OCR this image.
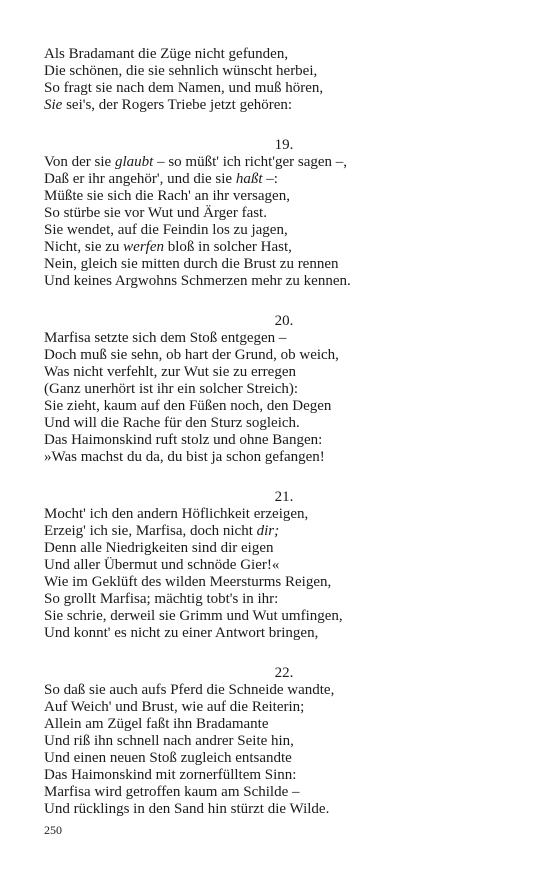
Als Bradamant die Züge nicht gefunden,
Die schönen, die sie sehnlich wünscht herbei,
So fragt sie nach dem Namen, und muß hören,
Sie sei's, der Rogers Triebe jetzt gehören:
19.
Von der sie glaubt – so müßt' ich richt'ger sagen –,
Daß er ihr angehör', und die sie haßt –:
Müßte sie sich die Rach' an ihr versagen,
So stürbe sie vor Wut und Ärger fast.
Sie wendet, auf die Feindin los zu jagen,
Nicht, sie zu werfen bloß in solcher Hast,
Nein, gleich sie mitten durch die Brust zu rennen
Und keines Argwohns Schmerzen mehr zu kennen.
20.
Marfisa setzte sich dem Stoß entgegen –
Doch muß sie sehn, ob hart der Grund, ob weich,
Was nicht verfehlt, zur Wut sie zu erregen
(Ganz unerhört ist ihr ein solcher Streich):
Sie zieht, kaum auf den Füßen noch, den Degen
Und will die Rache für den Sturz sogleich.
Das Haimonskind ruft stolz und ohne Bangen:
»Was machst du da, du bist ja schon gefangen!
21.
Mocht' ich den andern Höflichkeit erzeigen,
Erzeig' ich sie, Marfisa, doch nicht dir;
Denn alle Niedrigkeiten sind dir eigen
Und aller Übermut und schnöde Gier!«
Wie im Geklüft des wilden Meersturms Reigen,
So grollt Marfisa; mächtig tobt's in ihr:
Sie schrie, derweil sie Grimm und Wut umfingen,
Und konnt' es nicht zu einer Antwort bringen,
22.
So daß sie auch aufs Pferd die Schneide wandte,
Auf Weich' und Brust, wie auf die Reiterin;
Allein am Zügel faßt ihn Bradamante
Und riß ihn schnell nach andrer Seite hin,
Und einen neuen Stoß zugleich entsandte
Das Haimonskind mit zornerfülltem Sinn:
Marfisa wird getroffen kaum am Schilde –
Und rücklings in den Sand hin stürzt die Wilde.
250
